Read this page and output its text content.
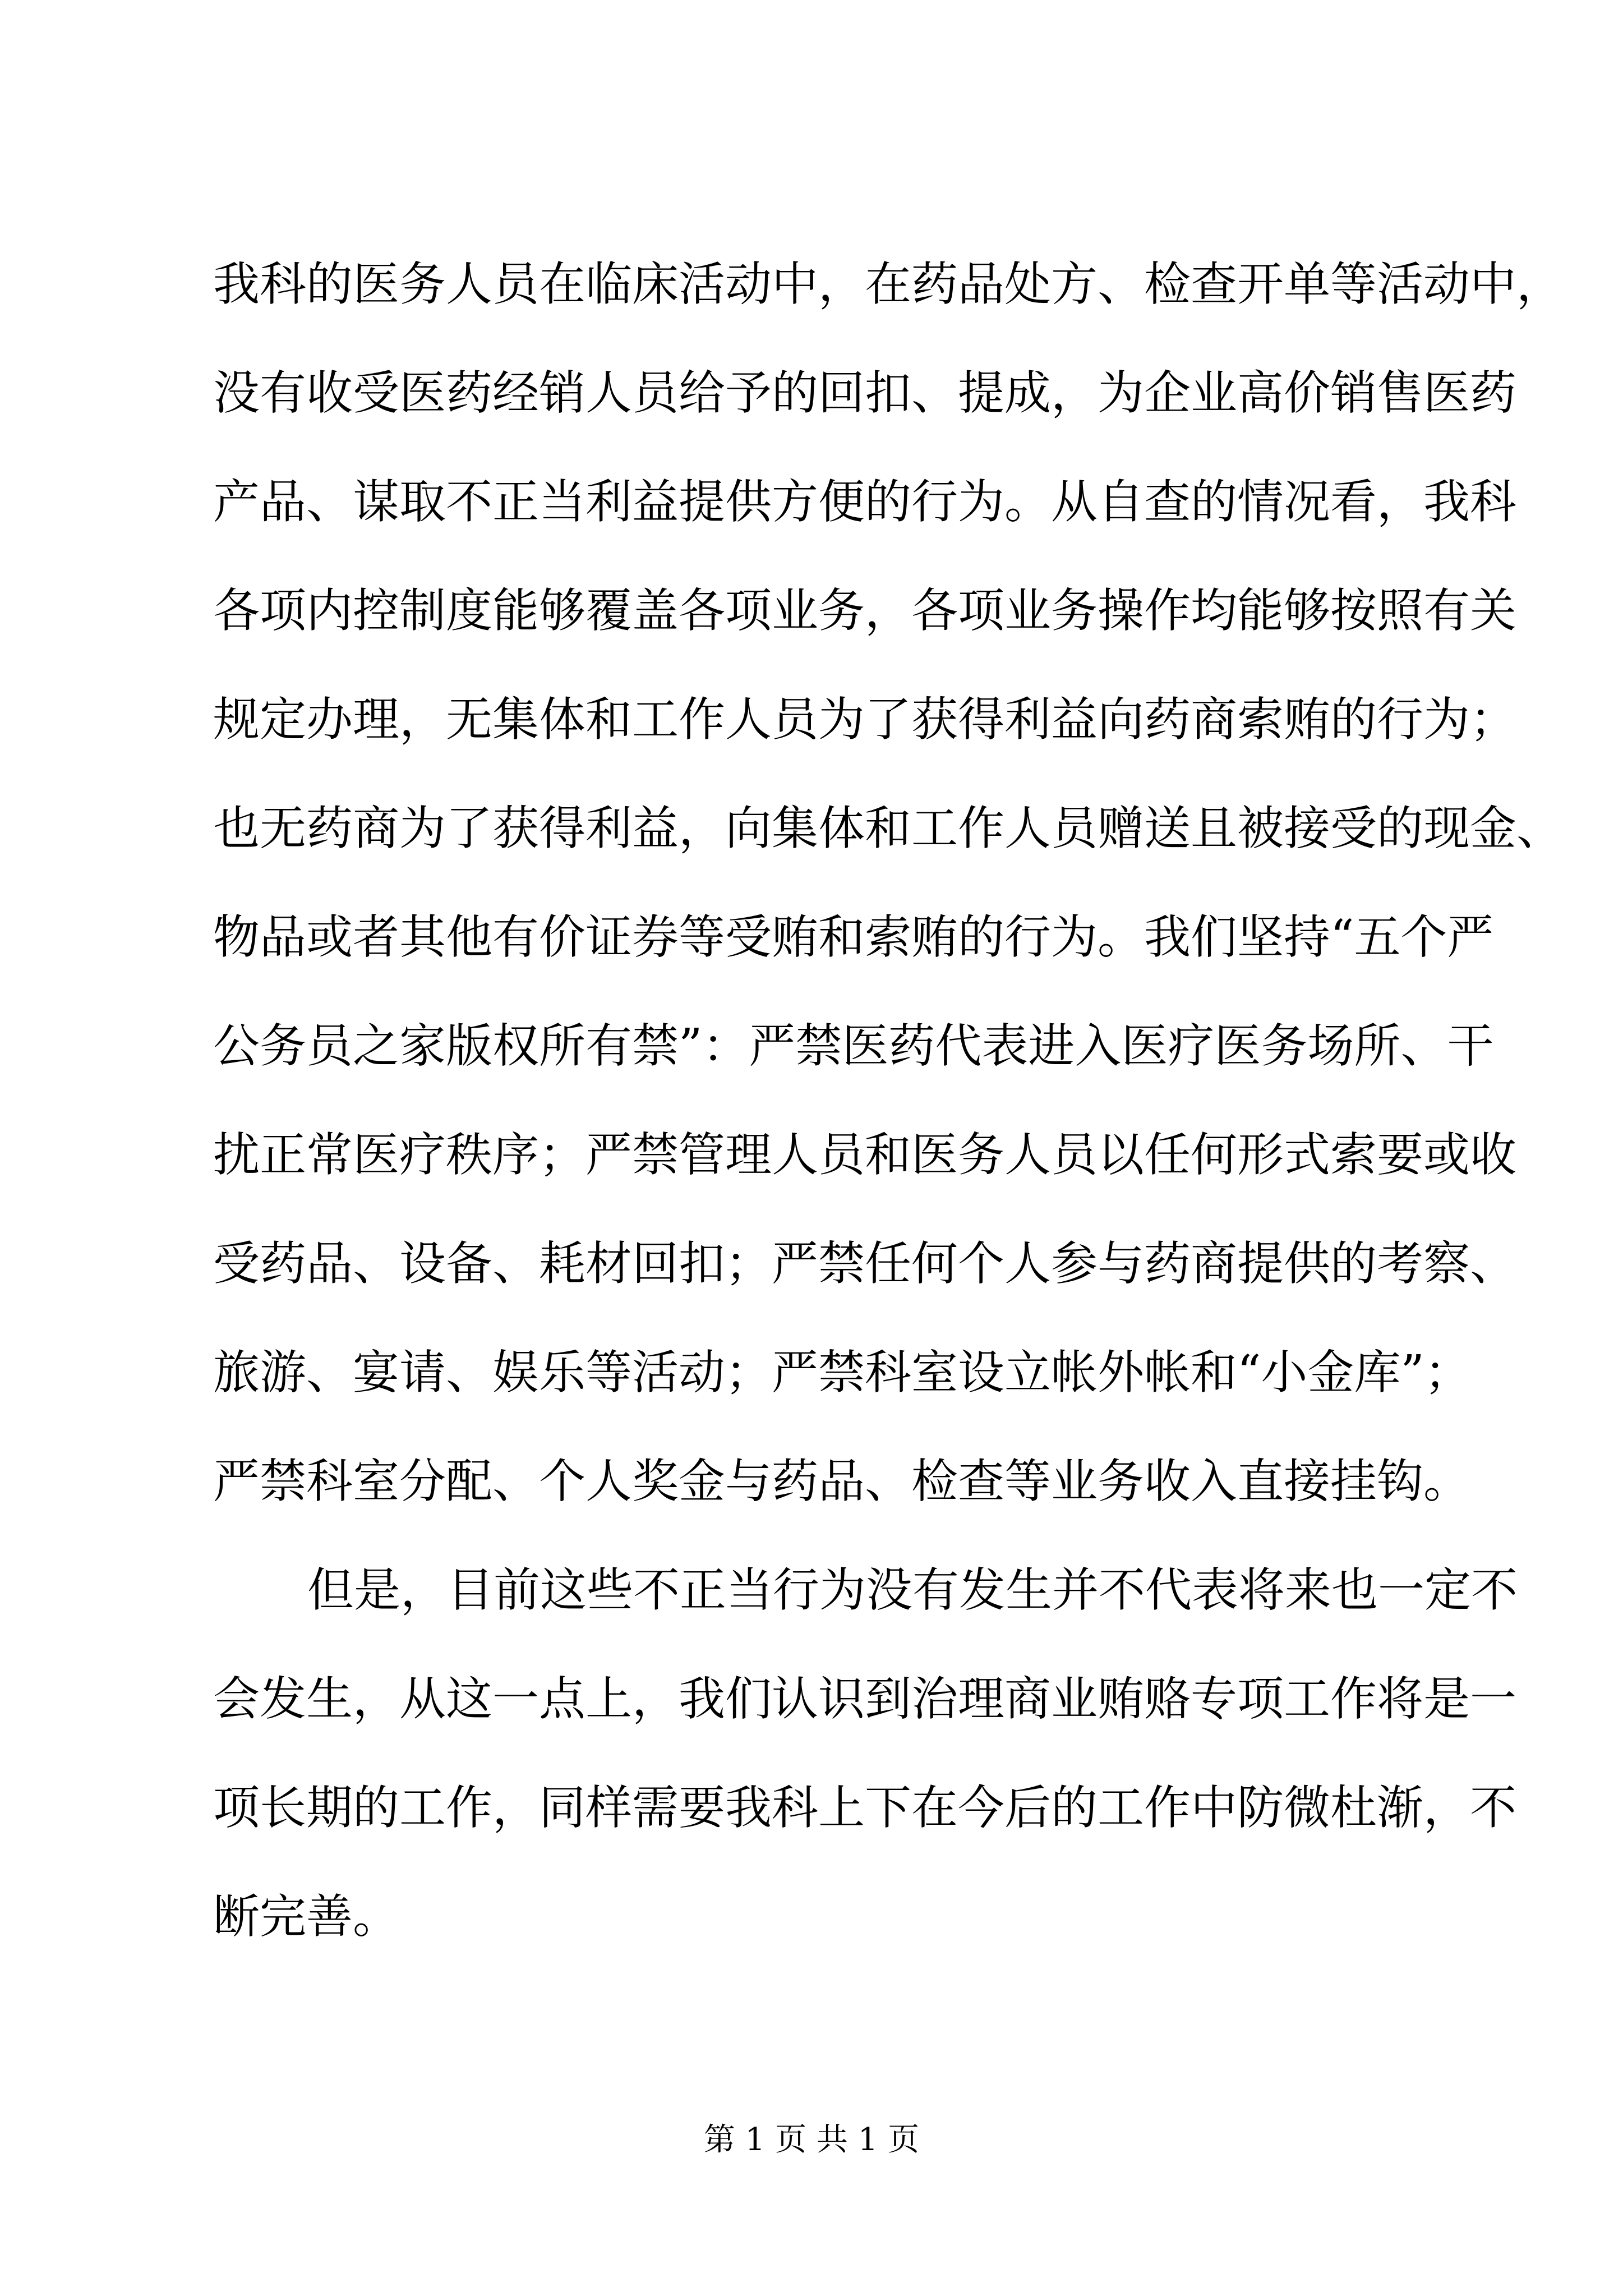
我科的医务人员在临床活动中，在药品处方、检查开单等活动中，
没有收受医药经销人员给予的回扣、提成，为企业高价销售医药
产品、谋取不正当利益提供方便的行为。从自查的情况看，我科
各项内控制度能够覆盖各项业务，各项业务操作均能够按照有关
规定办理，无集体和工作人员为了获得利益向药商索贿的行为；
也无药商为了获得利益，向集体和工作人员赠送且被接受的现金、
物品或者其他有价证券等受贿和索贿的行为。我们坚持“五个严
公务员之家版权所有禁”：严禁医药代表进入医疗医务场所、干
扰正常医疗秩序；严禁管理人员和医务人员以任何形式索要或收
受药品、设备、耗材回扣；严禁任何个人参与药商提供的考察、
旅游、宴请、娱乐等活动；严禁科室设立帐外帐和“小金库”；
严禁科室分配、个人奖金与药品、检查等业务收入直接挂钩。
但是，目前这些不正当行为没有发生并不代表将来也一定不
会发生，从这一点上，我们认识到治理商业贿赂专项工作将是一
项长期的工作，同样需要我科上下在今后的工作中防微杜渐，不
断完善。
第 1 页 共 1 页
